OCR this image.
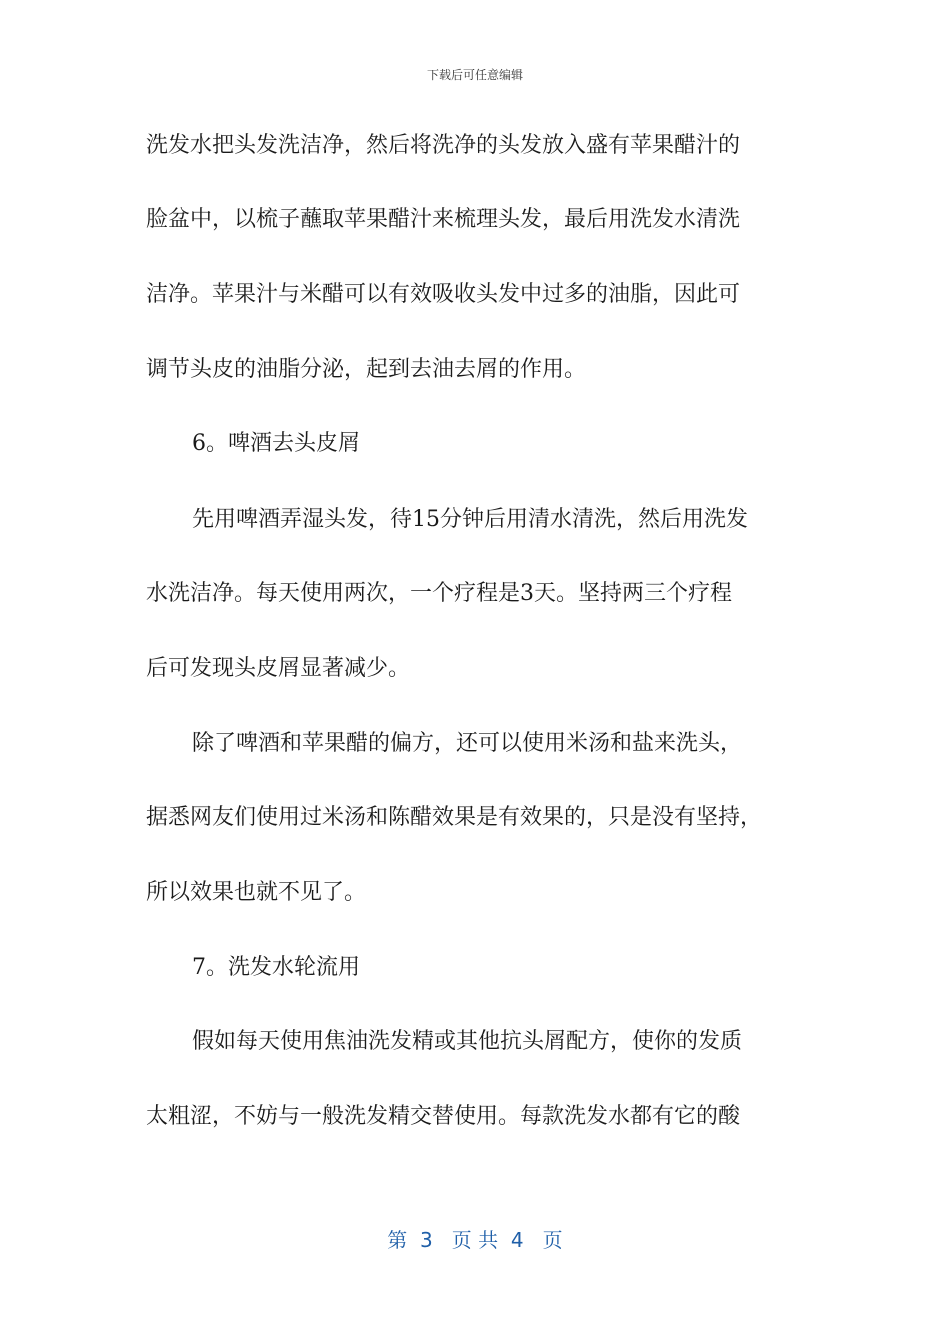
下载后可任意编辑
洗发水把头发洗洁净，然后将洗净的头发放入盛有苹果醋汁的
脸盆中，以梳子蘸取苹果醋汁来梳理头发，最后用洗发水清洗
洁净。苹果汁与米醋可以有效吸收头发中过多的油脂，因此可
调节头皮的油脂分泌，起到去油去屑的作用。
6。啤酒去头皮屑
先用啤酒弄湿头发，待15分钟后用清水清洗，然后用洗发
水洗洁净。每天使用两次，一个疗程是3天。坚持两三个疗程
后可发现头皮屑显著减少。
除了啤酒和苹果醋的偏方，还可以使用米汤和盐来洗头，
据悉网友们使用过米汤和陈醋效果是有效果的，只是没有坚持，
所以效果也就不见了。
7。洗发水轮流用
假如每天使用焦油洗发精或其他抗头屑配方，使你的发质
太粗涩，不妨与一般洗发精交替使用。每款洗发水都有它的酸
第  3   页 共  4   页
